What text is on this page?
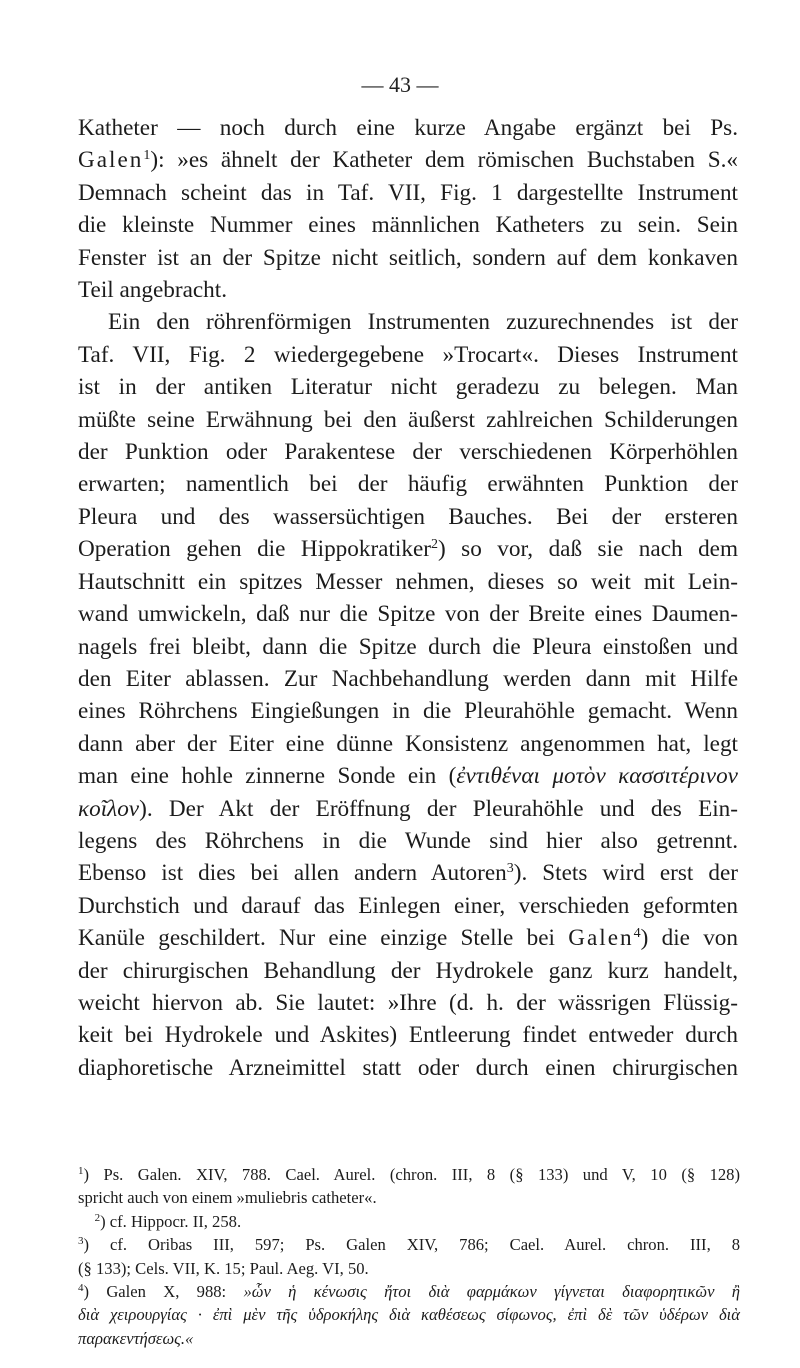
— 43 —

Katheter — noch durch eine kurze Angabe ergänzt bei Ps.
Galen$^1$): »es ähnelt der Katheter dem römischen Buchstaben S.«
Demnach scheint das in Taf. VII, Fig. 1 dargestellte Instrument
die kleinste Nummer eines männlichen Katheters zu sein. Sein
Fenster ist an der Spitze nicht seitlich, sondern auf dem konkaven
Teil angebracht.

Ein den röhrenförmigen Instrumenten zuzurechnendes ist der
Taf. VII, Fig. 2 wiedergegebene »Trocart«. Dieses Instrument
ist in der antiken Literatur nicht geradezu zu belegen. Man
müßte seine Erwähnung bei den äußerst zahlreichen Schilderungen
der Punktion oder Parakentese der verschiedenen Körperhöhlen
erwarten; namentlich bei der häufig erwähnten Punktion der
Pleura und des wassersüchtigen Bauches. Bei der ersteren
Operation gehen die Hippokratiker$^2$) so vor, daß sie nach dem
Hautschnitt ein spitzes Messer nehmen, dieses so weit mit Lein-
wand umwickeln, daß nur die Spitze von der Breite eines Daumen-
nagels frei bleibt, dann die Spitze durch die Pleura einstoßen und
den Eiter ablassen. Zur Nachbehandlung werden dann mit Hilfe
eines Röhrchens Eingießungen in die Pleurahöhle gemacht. Wenn
dann aber der Eiter eine dünne Konsistenz angenommen hat, legt
man eine hohle zinnerne Sonde ein (ἐντιθέναι μοτὸν κασσιτέρινον
κοῖλον). Der Akt der Eröffnung der Pleurahöhle und des Ein-
legens des Röhrchens in die Wunde sind hier also getrennt.
Ebenso ist dies bei allen andern Autoren$^3$). Stets wird erst der
Durchstich und darauf das Einlegen einer, verschieden geformten
Kanüle geschildert. Nur eine einzige Stelle bei Galen$^4$) die von
der chirurgischen Behandlung der Hydrokele ganz kurz handelt,
weicht hiervon ab. Sie lautet: »Ihre (d. h. der wässrigen Flüssig-
keit bei Hydrokele und Askites) Entleerung findet entweder durch
diaphoretische Arzneimittel statt oder durch einen chirurgischen

$^1$) Ps. Galen. XIV, 788. Cael. Aurel. (chron. III, 8 (§ 133) und V, 10 (§ 128)
spricht auch von einem »muliebris catheter«.
 $^2$) cf. Hippocr. II, 258.
$^3$) cf. Oribas III, 597; Ps. Galen XIV, 786; Cael. Aurel. chron. III, 8
(§ 133); Cels. VII, K. 15; Paul. Aeg. VI, 50.
$^4$) Galen X, 988: »ὧν ἡ κένωσις ἤτοι διὰ φαρμάκων γίγνεται διαφορητικῶν ἢ
διὰ χειρουργίας · ἐπὶ μὲν τῆς ὑδροκήλης διὰ καθέσεως σίφωνος, ἐπὶ δὲ τῶν ὑδέρων διὰ
παρακεντήσεως.«
